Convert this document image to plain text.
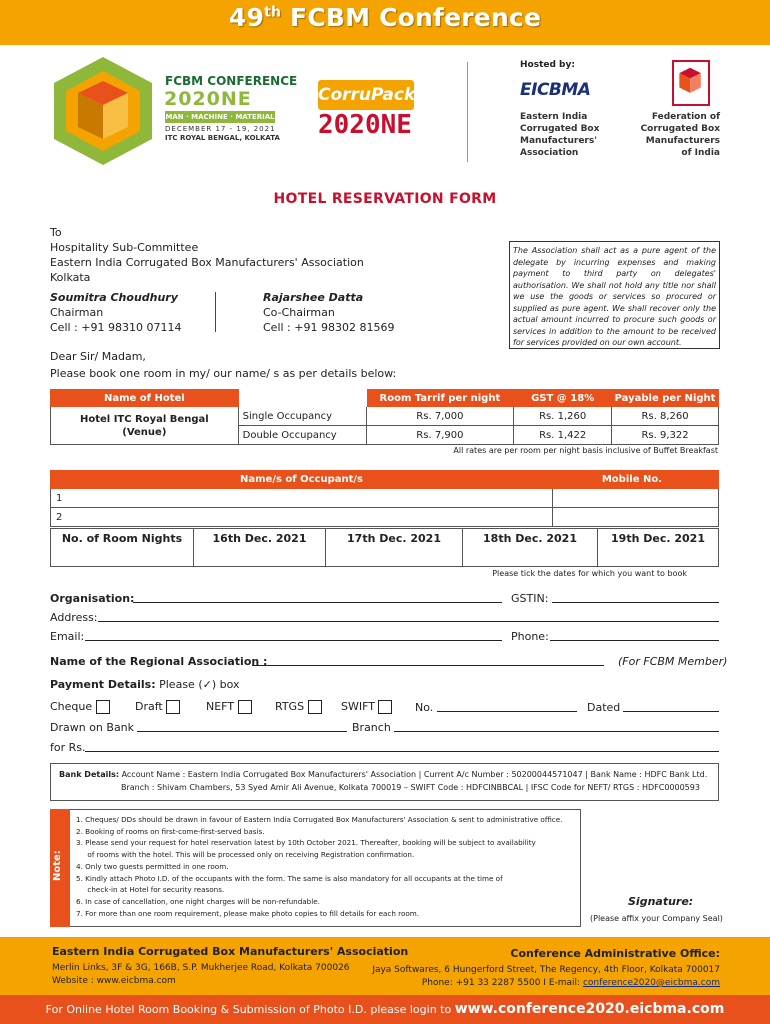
49th FCBM Conference
FCBM CONFERENCE
2020NE
MAN · MACHINE · MATERIAL
DECEMBER 17 - 19, 2021
ITC ROYAL BENGAL, KOLKATA
CorruPack
2020NE
Hosted by:
EICBMA
Eastern India
Corrugated Box
Manufacturers'
Association
Federation of
Corrugated Box
Manufacturers
of India
HOTEL RESERVATION FORM
To
Hospitality Sub-Committee
Eastern India Corrugated Box Manufacturers' Association
Kolkata
The Association shall act as a pure agent of the delegate by incurring expenses and making payment to third party on delegates' authorisation. We shall not hold any title nor shall we use the goods or services so procured or supplied as pure agent. We shall recover only the actual amount incurred to procure such goods or services in addition to the amount to be received for services provided on our own account.
Soumitra Choudhury
Chairman
Cell : +91 98310 07114
Rajarshee Datta
Co-Chairman
Cell : +91 98302 81569
Dear Sir/ Madam,
Please book one room in my/ our name/ s as per details below:
Name of Hotel		Room Tarrif per night	GST @ 18%	Payable per Night

Hotel ITC Royal Bengal
(Venue)	Single Occupancy	Rs. 7,000	Rs. 1,260	Rs. 8,260
	Double Occupancy	Rs. 7,900	Rs. 1,422	Rs. 9,322
All rates are per room per night basis inclusive of Buffet Breakfast
Name/s of Occupant/s	Mobile No.
1	
2	
No. of Room Nights	16th Dec. 2021	17th Dec. 2021	18th Dec. 2021	19th Dec. 2021
Please tick the dates for which you want to book
Organisation:	GSTIN:
Address:
Email:	Phone:
Name of the Regional Association :	(For FCBM Member)
Payment Details: Please (✓) box
Cheque	Draft	NEFT	RTGS	SWIFT	No.	Dated
Drawn on Bank	Branch
for Rs.
Bank Details: Account Name : Eastern India Corrugated Box Manufacturers' Association | Current A/c Number : 50200044571047 | Bank Name : HDFC Bank Ltd.
Branch : Shivam Chambers, 53 Syed Amir Ali Avenue, Kolkata 700019 – SWIFT Code : HDFCINBBCAL | IFSC Code for NEFT/ RTGS : HDFC0000593
Note:
1. Cheques/ DDs should be drawn in favour of Eastern India Corrugated Box Manufacturers' Association & sent to administrative office.
2. Booking of rooms on first-come-first-served basis.
3. Please send your request for hotel reservation latest by 10th October 2021. Thereafter, booking will be subject to availability
of rooms with the hotel. This will be processed only on receiving Registration confirmation.
4. Only two guests permitted in one room.
5. Kindly attach Photo I.D. of the occupants with the form. The same is also mandatory for all occupants at the time of
check-in at Hotel for security reasons.
6. In case of cancellation, one night charges will be non-refundable.
7. For more than one room requirement, please make photo copies to fill details for each room.
Signature:
(Please affix your Company Seal)
Eastern India Corrugated Box Manufacturers' Association
Merlin Links, 3F & 3G, 166B, S.P. Mukherjee Road, Kolkata 700026
Website : www.eicbma.com
Conference Administrative Office:
Jaya Softwares, 6 Hungerford Street, The Regency, 4th Floor, Kolkata 700017
Phone: +91 33 2287 5500 I E-mail: conference2020@eicbma.com
For Online Hotel Room Booking & Submission of Photo I.D. please login to www.conference2020.eicbma.com
